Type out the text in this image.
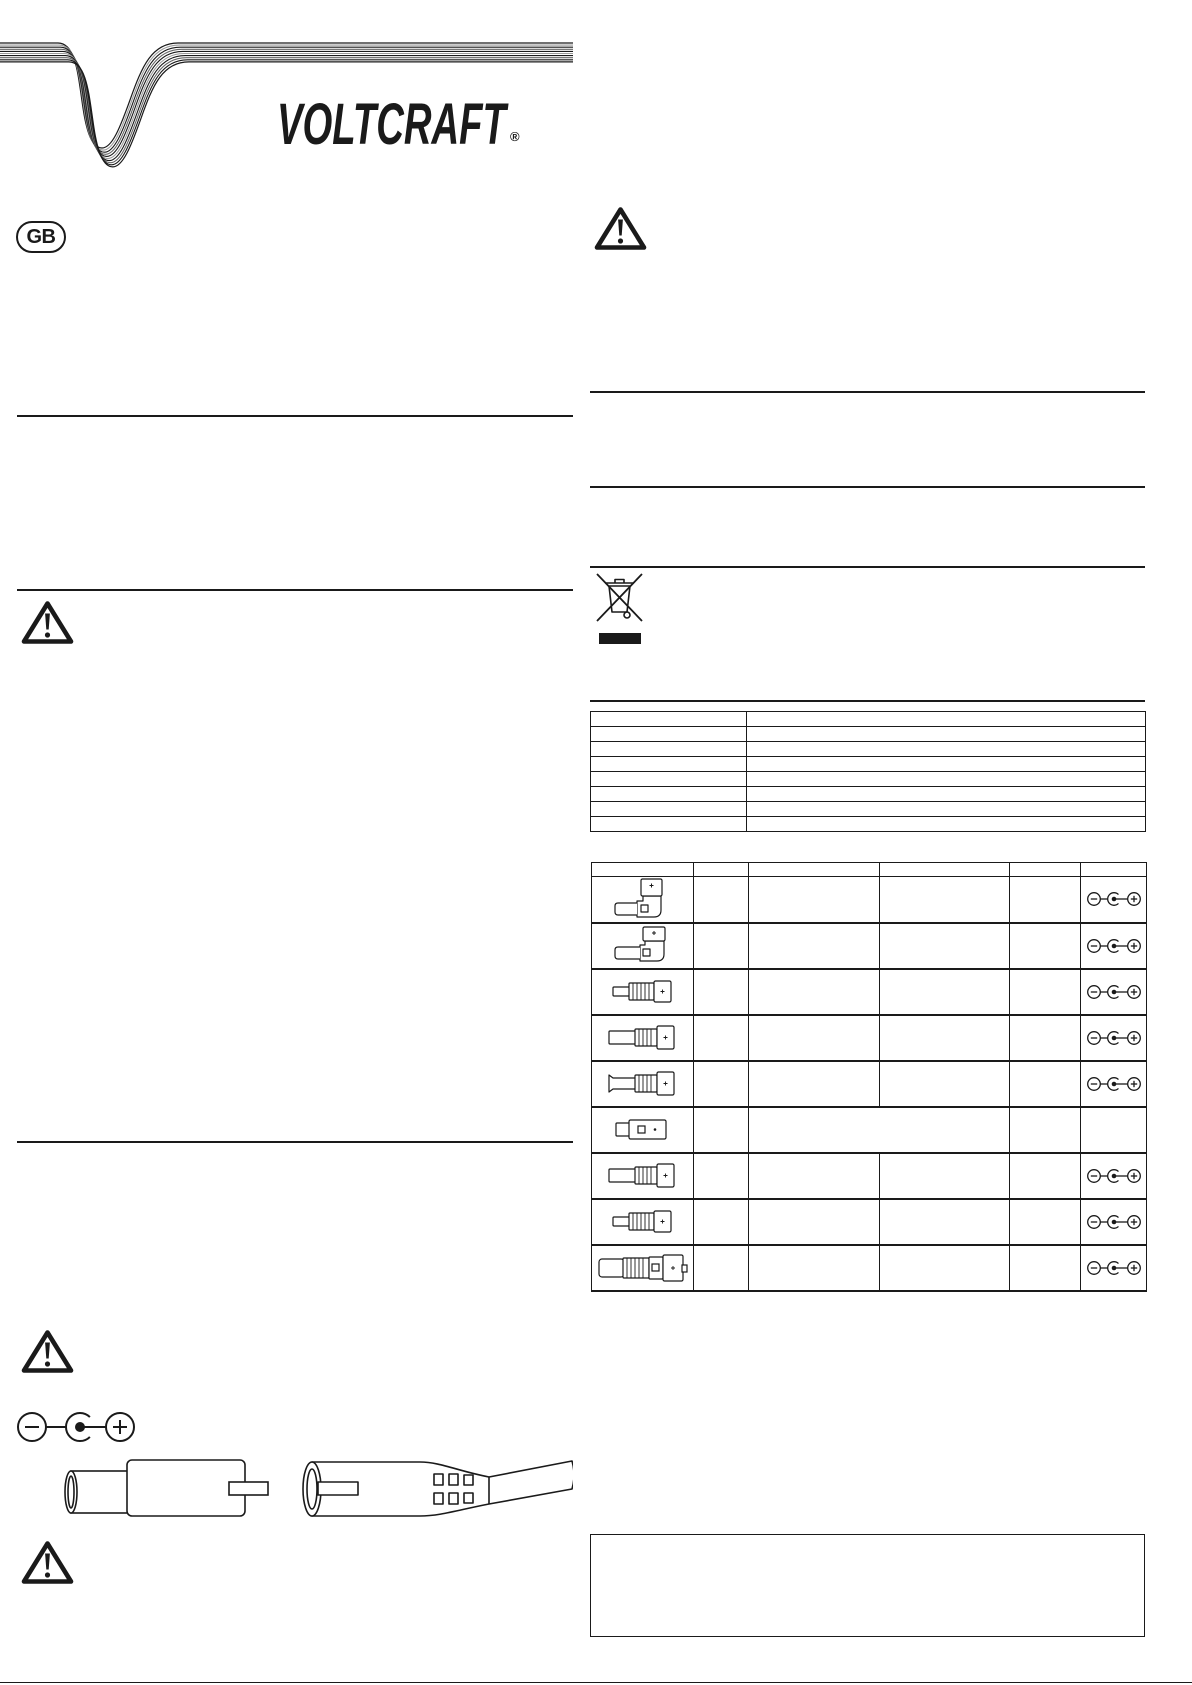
VOLTCRAFT ®
GB
